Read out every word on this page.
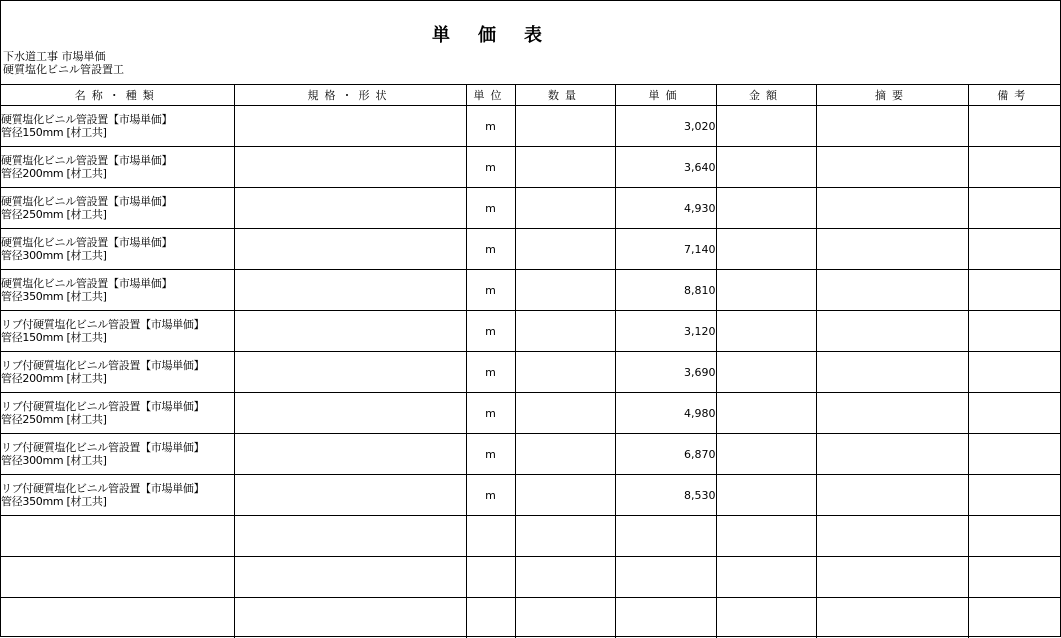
単価表
下水道工事 市場単価
硬質塩化ビニル管設置工
名称・種類	規格・形状	単位	数量	単価	金額	摘要	備考

硬質塩化ビニル管設置【市場単価】
管径150mm [材工共]		m		3,020			

硬質塩化ビニル管設置【市場単価】
管径200mm [材工共]		m		3,640			

硬質塩化ビニル管設置【市場単価】
管径250mm [材工共]		m		4,930			

硬質塩化ビニル管設置【市場単価】
管径300mm [材工共]		m		7,140			

硬質塩化ビニル管設置【市場単価】
管径350mm [材工共]		m		8,810			

リブ付硬質塩化ビニル管設置【市場単価】
管径150mm [材工共]		m		3,120			

リブ付硬質塩化ビニル管設置【市場単価】
管径200mm [材工共]		m		3,690			

リブ付硬質塩化ビニル管設置【市場単価】
管径250mm [材工共]		m		4,980			

リブ付硬質塩化ビニル管設置【市場単価】
管径300mm [材工共]		m		6,870			

リブ付硬質塩化ビニル管設置【市場単価】
管径350mm [材工共]		m		8,530			
